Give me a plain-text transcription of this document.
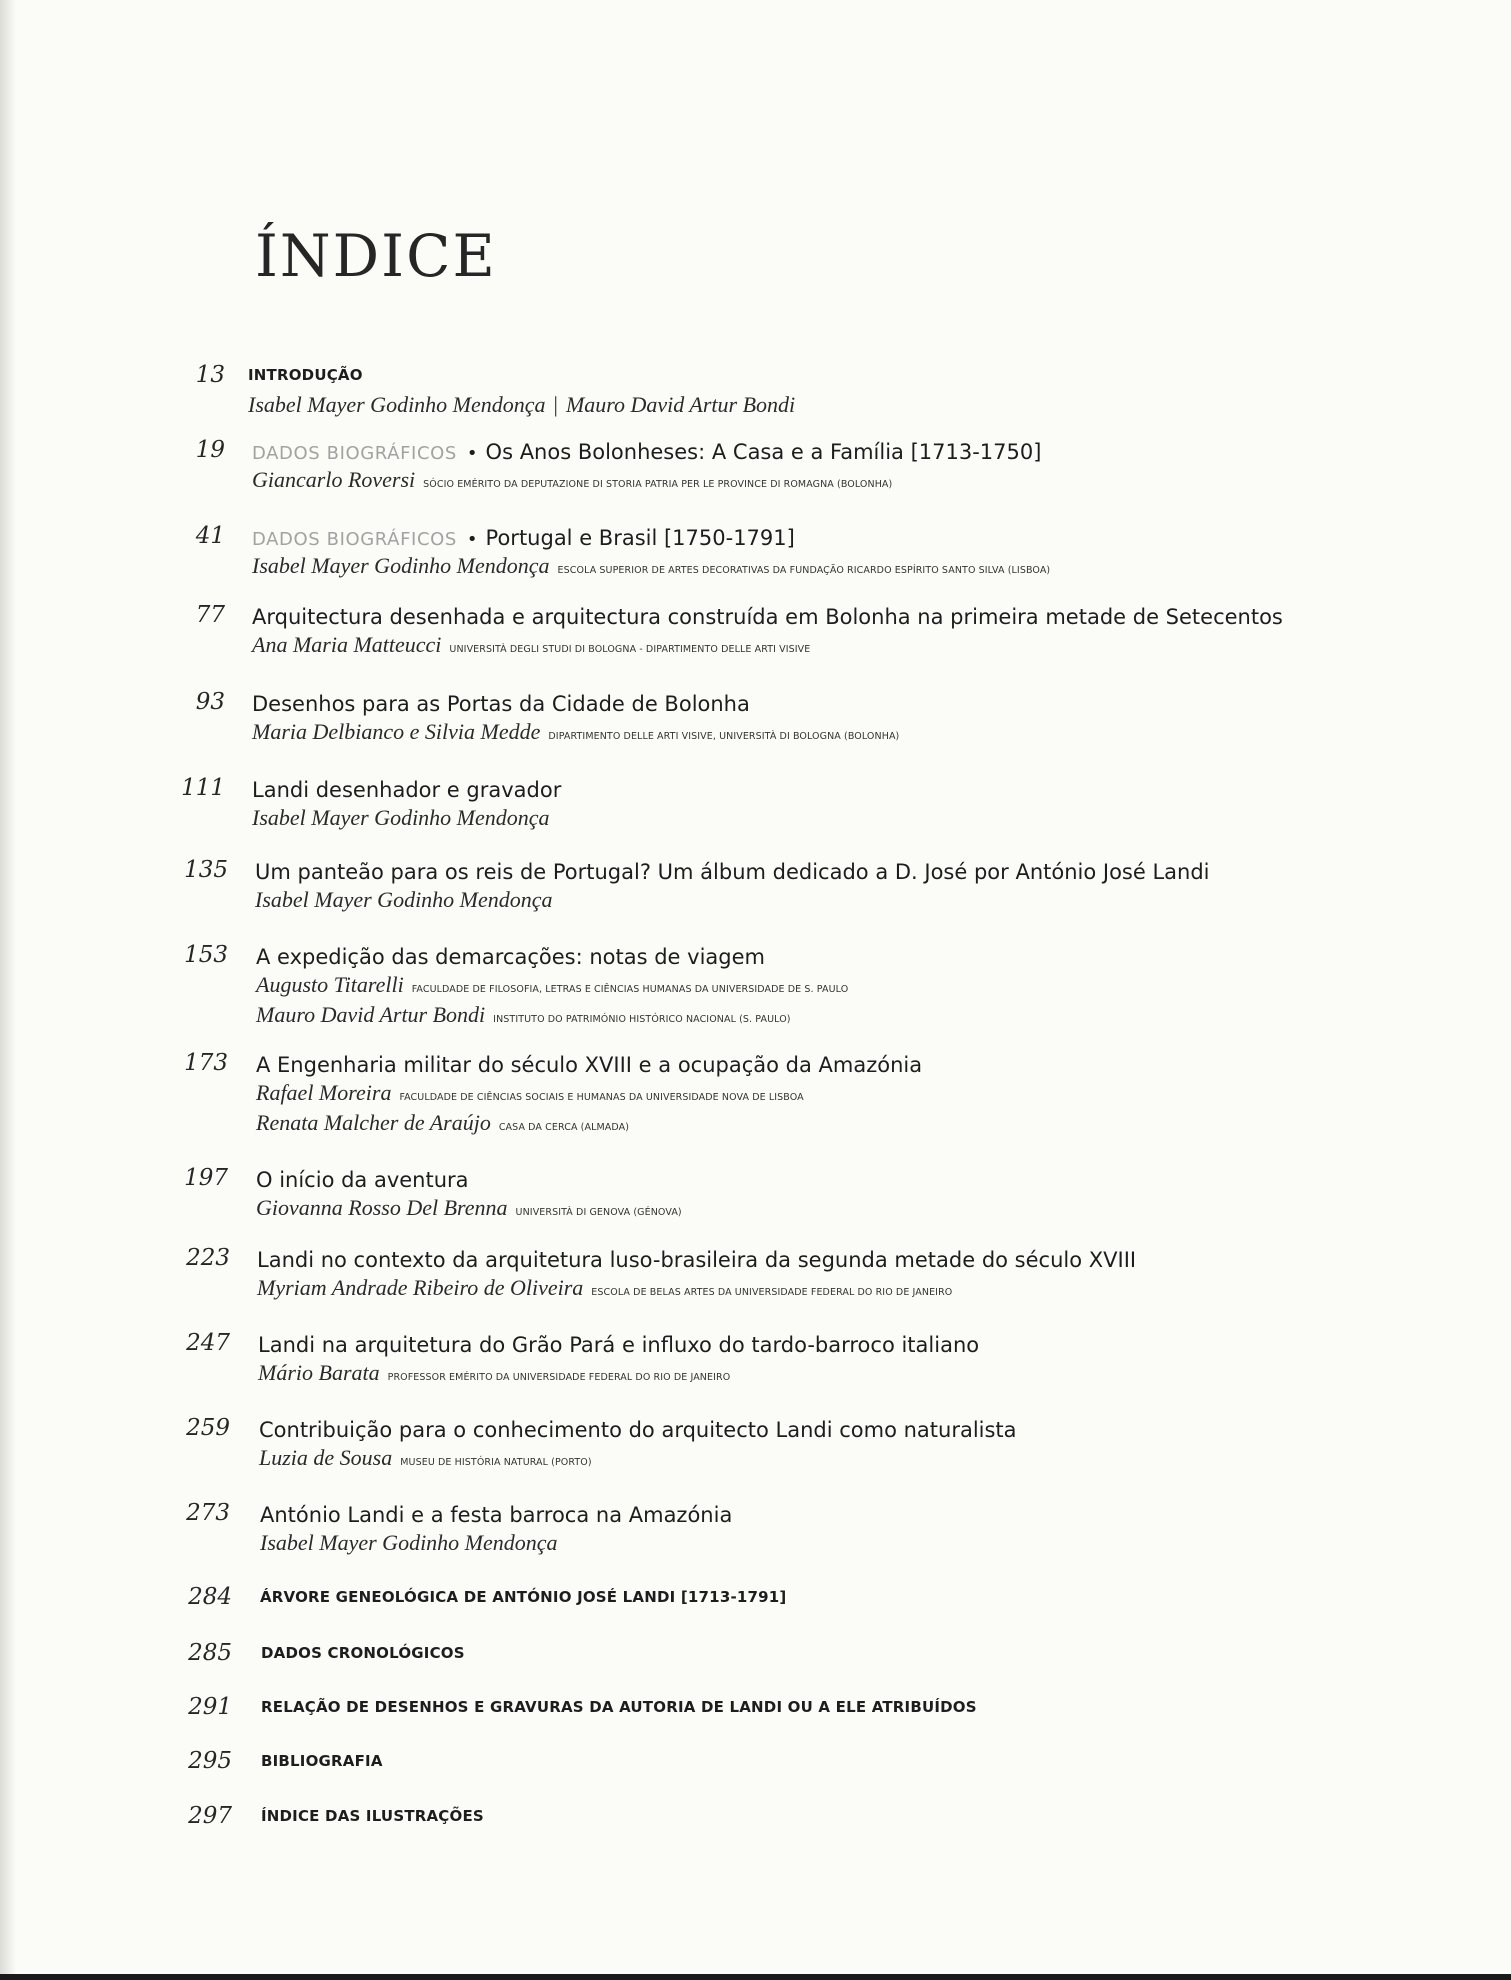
ÍNDICE
13 INTRODUÇÃO
Isabel Mayer Godinho Mendonça | Mauro David Artur Bondi
19 DADOS BIOGRÁFICOS • Os Anos Bolonheses: A Casa e a Família [1713-1750]
Giancarlo Roversi SÓCIO EMÉRITO DA DEPUTAZIONE DI STORIA PATRIA PER LE PROVINCE DI ROMAGNA (BOLONHA)
41 DADOS BIOGRÁFICOS • Portugal e Brasil [1750-1791]
Isabel Mayer Godinho Mendonça ESCOLA SUPERIOR DE ARTES DECORATIVAS DA FUNDAÇÃO RICARDO ESPÍRITO SANTO SILVA (LISBOA)
77 Arquitectura desenhada e arquitectura construída em Bolonha na primeira metade de Setecentos
Ana Maria Matteucci UNIVERSITÀ DEGLI STUDI DI BOLOGNA - DIPARTIMENTO DELLE ARTI VISIVE
93 Desenhos para as Portas da Cidade de Bolonha
Maria Delbianco e Silvia Medde DIPARTIMENTO DELLE ARTI VISIVE, UNIVERSITÀ DI BOLOGNA (BOLONHA)
111 Landi desenhador e gravador
Isabel Mayer Godinho Mendonça
135 Um panteão para os reis de Portugal? Um álbum dedicado a D. José por António José Landi
Isabel Mayer Godinho Mendonça
153 A expedição das demarcações: notas de viagem
Augusto Titarelli FACULDADE DE FILOSOFIA, LETRAS E CIÊNCIAS HUMANAS DA UNIVERSIDADE DE S. PAULO
Mauro David Artur Bondi INSTITUTO DO PATRIMÓNIO HISTÓRICO NACIONAL (S. PAULO)
173 A Engenharia militar do século XVIII e a ocupação da Amazónia
Rafael Moreira FACULDADE DE CIÊNCIAS SOCIAIS E HUMANAS DA UNIVERSIDADE NOVA DE LISBOA
Renata Malcher de Araújo CASA DA CERCA (ALMADA)
197 O início da aventura
Giovanna Rosso Del Brenna UNIVERSITÀ DI GENOVA (GÉNOVA)
223 Landi no contexto da arquitetura luso-brasileira da segunda metade do século XVIII
Myriam Andrade Ribeiro de Oliveira ESCOLA DE BELAS ARTES DA UNIVERSIDADE FEDERAL DO RIO DE JANEIRO
247 Landi na arquitetura do Grão Pará e influxo do tardo-barroco italiano
Mário Barata PROFESSOR EMÉRITO DA UNIVERSIDADE FEDERAL DO RIO DE JANEIRO
259 Contribuição para o conhecimento do arquitecto Landi como naturalista
Luzia de Sousa MUSEU DE HISTÓRIA NATURAL (PORTO)
273 António Landi e a festa barroca na Amazónia
Isabel Mayer Godinho Mendonça
284 ÁRVORE GENEOLÓGICA DE ANTÓNIO JOSÉ LANDI [1713-1791]
285 DADOS CRONOLÓGICOS
291 RELAÇÃO DE DESENHOS E GRAVURAS DA AUTORIA DE LANDI OU A ELE ATRIBUÍDOS
295 BIBLIOGRAFIA
297 ÍNDICE DAS ILUSTRAÇÕES
